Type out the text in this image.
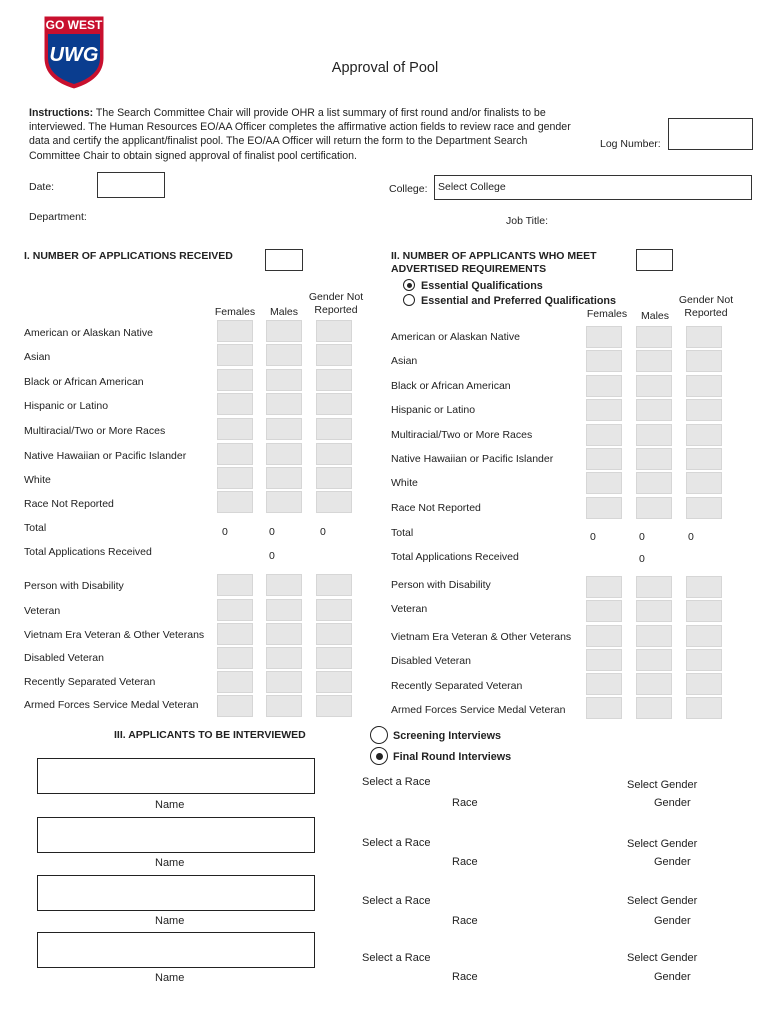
GO WEST
UWG
Approval of Pool
Instructions: The Search Committee Chair will provide OHR a list summary of first round and/or finalists to be interviewed. The Human Resources EO/AA Officer completes the affirmative action fields to review race and gender data and certify the applicant/finalist pool. The EO/AA Officer will return the form to the Department Search Committee Chair to obtain signed approval of finalist pool certification.
Log Number:
Date:	College: Select College
Department:	Job Title:
I. NUMBER OF APPLICATIONS RECEIVED
Females	Males
Gender Not
Reported
American or Alaskan Native
Asian
Black or African American
Hispanic or Latino
Multiracial/Two or More Races
Native Hawaiian or Pacific Islander
White
Race Not Reported
Total	0	0	0
Total Applications Received	0
Person with Disability
Veteran
Vietnam Era Veteran & Other Veterans
Disabled Veteran
Recently Separated Veteran
Armed Forces Service Medal Veteran
II. NUMBER OF APPLICANTS WHO MEET ADVERTISED REQUIREMENTS
Essential Qualifications
Essential and Preferred Qualifications
Females	Males
Gender Not
Reported
American or Alaskan Native
Asian
Black or African American
Hispanic or Latino
Multiracial/Two or More Races
Native Hawaiian or Pacific Islander
White
Race Not Reported
Total	0	0	0
Total Applications Received	0
Person with Disability
Veteran
Vietnam Era Veteran & Other Veterans
Disabled Veteran
Recently Separated Veteran
Armed Forces Service Medal Veteran
III. APPLICANTS TO BE INTERVIEWED	Screening Interviews
Final Round Interviews
Name
Select a Race
Race
Select Gender
Gender
Name
Select a Race
Race
Select Gender
Gender
Name
Select a Race
Race
Select Gender
Gender
Name
Select a Race
Race
Select Gender
Gender
